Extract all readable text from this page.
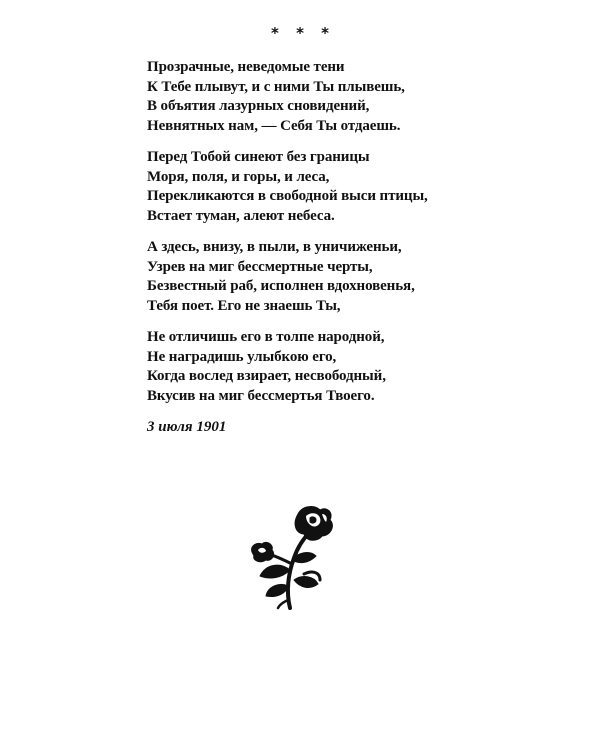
* * *
Прозрачные, неведомые тени
К Тебе плывут, и с ними Ты плывешь,
В объятия лазурных сновидений,
Невнятных нам, — Себя Ты отдаешь.
Перед Тобой синеют без границы
Моря, поля, и горы, и леса,
Перекликаются в свободной выси птицы,
Встает туман, алеют небеса.
А здесь, внизу, в пыли, в уничиженьи,
Узрев на миг бессмертные черты,
Безвестный раб, исполнен вдохновенья,
Тебя поет. Его не знаешь Ты,
Не отличишь его в толпе народной,
Не наградишь улыбкою его,
Когда вослед взирает, несвободный,
Вкусив на миг бессмертья Твоего.
3 июля 1901
